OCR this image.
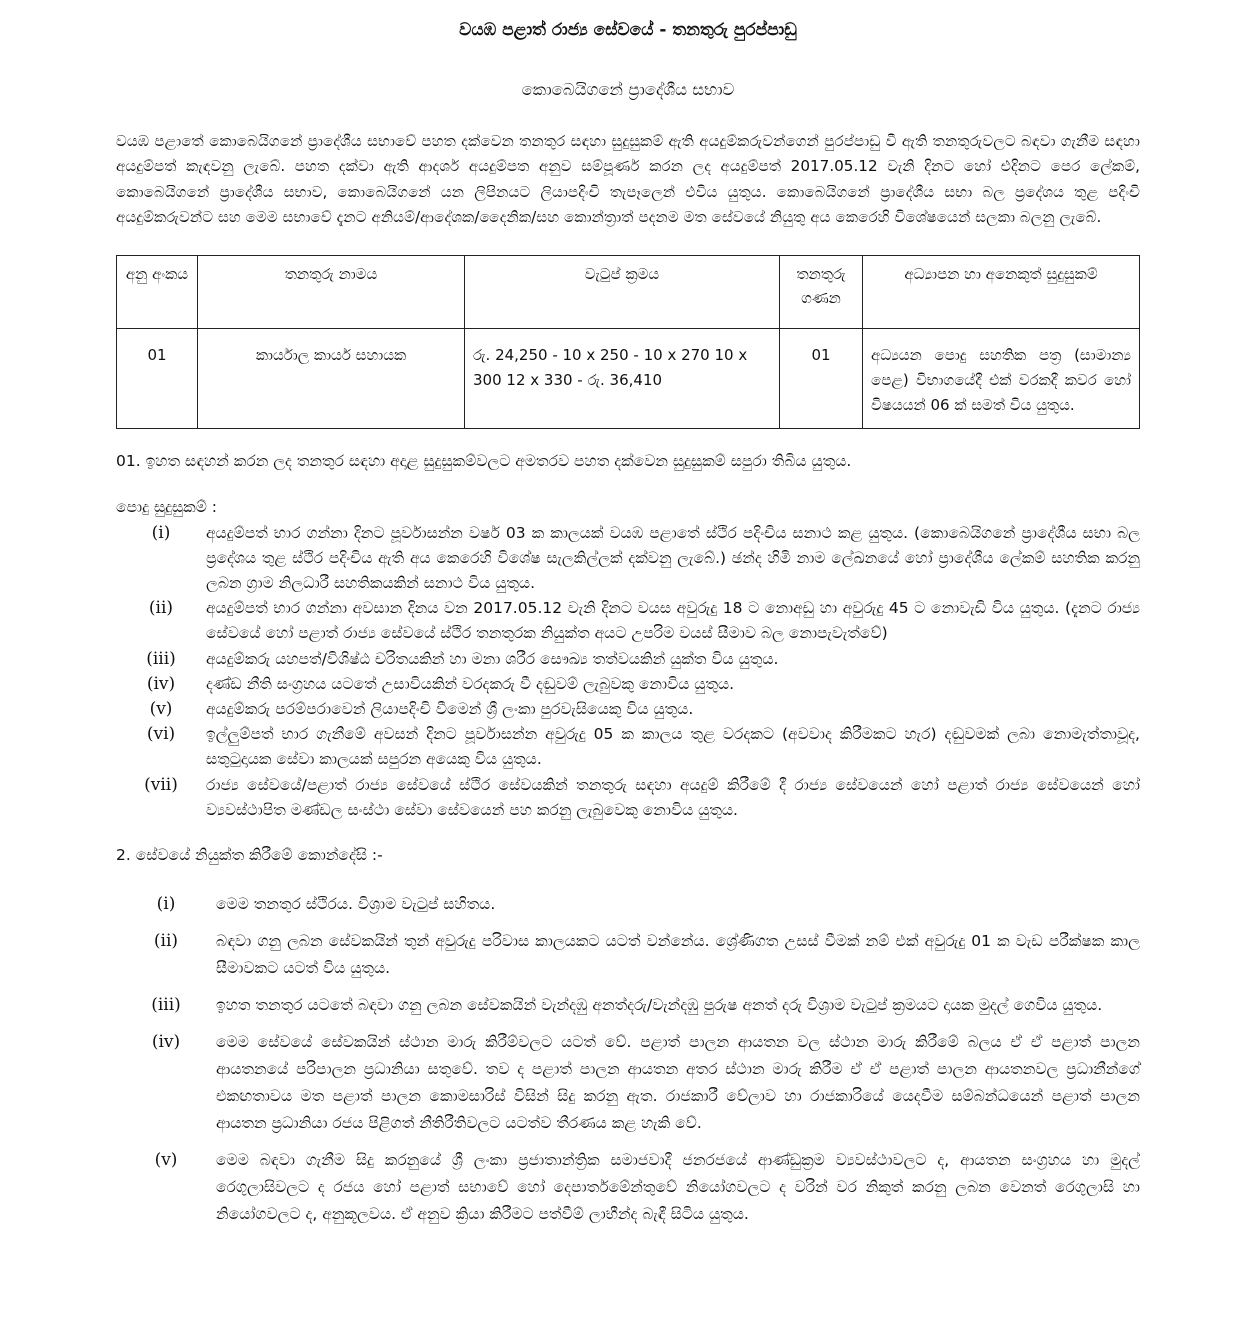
වයඹ පළාත් රාජ්‍ය සේවයේ - තනතුරු පුරප්පාඩු
කොබෙයිගනේ ප්‍රාදේශීය සභාව

වයඹ පළාතේ කොබෙයිගනේ ප්‍රාදේශීය සභාවේ පහත දක්වෙන තනතුර සඳහා සුදුසුකම් ඇති අයදුම්කරුවන්ගෙන් පුරප්පාඩු වී ඇති තනතුරුවලට බඳවා ගැනීම සඳහා අයදුම්පත් කැඳවනු ලැබේ. පහත දක්වා ඇති ආදර්ශ අයදුම්පත අනුව සම්පූර්ණ කරන ලද අයදුම්පත් 2017.05.12 වැනි දිනට හෝ එදිනට පෙර ලේකම්, කොබෙයිගනේ ප්‍රාදේශීය සභාව, කොබෙයිගනේ යන ලිපිනයට ලියාපදිංචි තැපෑලෙන් එවිය යුතුය. කොබෙයිගනේ ප්‍රාදේශීය සභා බල ප්‍රදේශය තුළ පදිංචි අයදුම්කරුවන්ට සහ මෙම සභාවේ දැනට අනියම්/ආදේශක/දෛනික/සහ කොන්ත්‍රාත් පදනම මත සේවයේ නියුතු අය කෙරෙහි විශේෂයෙන් සලකා බලනු ලැබේ.

අනු අංකය	තනතුරු නාමය	වැටුප් ක්‍රමය	තනතුරු ගණන	අධ්‍යාපන හා අනෙකුත් සුදුසුකම්
01	කාර්යාල කාර්ය සහායක	රු. 24,250 - 10 x 250 - 10 x 270 10 x 300 12 x 330 - රු. 36,410	01	අධ්‍යයන පොදු සහතික පත්‍ර (සාමාන්‍ය පෙළ) විභාගයේදී එක් වරකදී කවර හෝ විෂයයන් 06 ක් සමත් විය යුතුය.

01. ඉහත සඳහන් කරන ලද තනතුර සඳහා අදාළ සුදුසුකම්වලට අමතරව පහත දක්වෙන සුදුසුකම් සපුරා තිබිය යුතුය.

පොදු සුදුසුකම් :

(i)	අයදුම්පත් භාර ගන්නා දිනට පූර්වාසන්න වර්ෂ 03 ක කාලයක් වයඹ පළාතේ ස්ථිර පදිංචිය සනාථ කළ යුතුය. (කොබෙයිගනේ ප්‍රාදේශීය සභා බල ප්‍රදේශය තුළ ස්ථිර පදිංචිය ඇති අය කෙරෙහි විශේෂ සැලකිල්ලක් දක්වනු ලැබේ.) ඡන්ද හිමි නාම ලේඛනයේ හෝ ප්‍රාදේශීය ලේකම් සහතික කරනු ලබන ග්‍රාම නිලධාරී සහතිකයකින් සනාථ විය යුතුය.
(ii)	අයදුම්පත් භාර ගන්නා අවසාන දිනය වන 2017.05.12 වැනි දිනට වයස අවුරුදු 18 ට නොඅඩු හා අවුරුදු 45 ට නොවැඩි විය යුතුය. (දැනට රාජ්‍ය සේවයේ හෝ පළාත් රාජ්‍ය සේවයේ ස්ථිර තනතුරක නියුක්ත අයට උපරිම වයස් සීමාව බල නොපැවැත්වේ)
(iii)	අයදුම්කරු යහපත්/විශිෂ්ඨ චරිතයකින් හා මනා ශරීර සෞඛ්‍ය තත්වයකින් යුක්ත විය යුතුය.
(iv)	දණ්ඩ නීති සංග්‍රහය යටතේ උසාවියකින් වරදකරු වී දඬුවම් ලැබුවකු නොවිය යුතුය.
(v)	අයදුම්කරු පරම්පරාවෙන් ලියාපදිංචි වීමෙන් ශ්‍රී ලංකා පුරවැසියෙකු විය යුතුය.
(vi)	ඉල්ලුම්පත් භාර ගැනීමේ අවසන් දිනට පූර්වාසන්න අවුරුදු 05 ක කාලය තුළ වරදකට (අවවාද කිරීමකට හැර) දඬුවමක් ලබා නොමැත්තාවූද, සතුටුදායක සේවා කාලයක් සපුරන අයෙකු විය යුතුය.
(vii)	රාජ්‍ය සේවයේ/පළාත් රාජ්‍ය සේවයේ ස්ථිර සේවයකින් තනතුරු සඳහා අයදුම් කිරීමේ දී රාජ්‍ය සේවයෙන් හෝ පළාත් රාජ්‍ය සේවයෙන් හෝ ව්‍යවස්ථාපිත මණ්ඩල සංස්ථා සේවා සේවයෙන් පහ කරනු ලැබුවෙකු නොවිය යුතුය.

2. සේවයේ නියුක්ත කිරීමේ කොන්දේසි :-

(i)	මෙම තනතුර ස්ථිරය. විශ්‍රාම වැටුප් සහිතය.
(ii)	බඳවා ගනු ලබන සේවකයින් තුන් අවුරුදු පරිවාස කාලයකට යටත් වන්නේය. ශ්‍රේණිගත උසස් වීමක් නම් එක් අවුරුදු 01 ක වැඩ පරීක්ෂක කාල සීමාවකට යටත් විය යුතුය.
(iii)	ඉහත තනතුර යටතේ බඳවා ගනු ලබන සේවකයින් වැන්දඹු අනත්දරු/වැන්දඹු පුරුෂ අනත් දරු විශ්‍රාම වැටුප් ක්‍රමයට දායක මුදල් ගෙවිය යුතුය.
(iv)	මෙම සේවයේ සේවකයින් ස්ථාන මාරු කිරීම්වලට යටත් වේ. පළාත් පාලන ආයතන වල ස්ථාන මාරු කිරීමේ බලය ඒ ඒ පළාත් පාලන ආයතනයේ පරිපාලන ප්‍රධානියා සතුවේ. තව ද පළාත් පාලන ආයතන අතර ස්ථාන මාරු කිරීම ඒ ඒ පළාත් පාලන ආයතනවල ප්‍රධානීන්ගේ එකඟතාවය මත පළාත් පාලන කොමසාරිස් විසින් සිදු කරනු ඇත. රාජකාරී වේලාව හා රාජකාරියේ යෙදවීම සම්බන්ධයෙන් පළාත් පාලන ආයතන ප්‍රධානියා රජය පිළිගත් නීතිරීතිවලට යටත්ව තීරණය කළ හැකි වේ.
(v)	මෙම බඳවා ගැනීම සිදු කරනුයේ ශ්‍රී ලංකා ප්‍රජාතාන්ත්‍රික සමාජවාදී ජනරජයේ ආණ්ඩුක්‍රම ව්‍යවස්ථාවලට ද, ආයතන සංග්‍රහය හා මුදල් රෙගුලාසිවලට ද රජය හෝ පළාත් සභාවේ හෝ දෙපාර්තමේන්තුවේ නියෝගවලට ද වරින් වර නිකුත් කරනු ලබන වෙනත් රෙගුලාසි හා නියෝගවලට ද, අනුකූලවය. ඒ අනුව ක්‍රියා කිරීමට පත්වීම් ලාභීන්ද බැඳී සිටිය යුතුය.
